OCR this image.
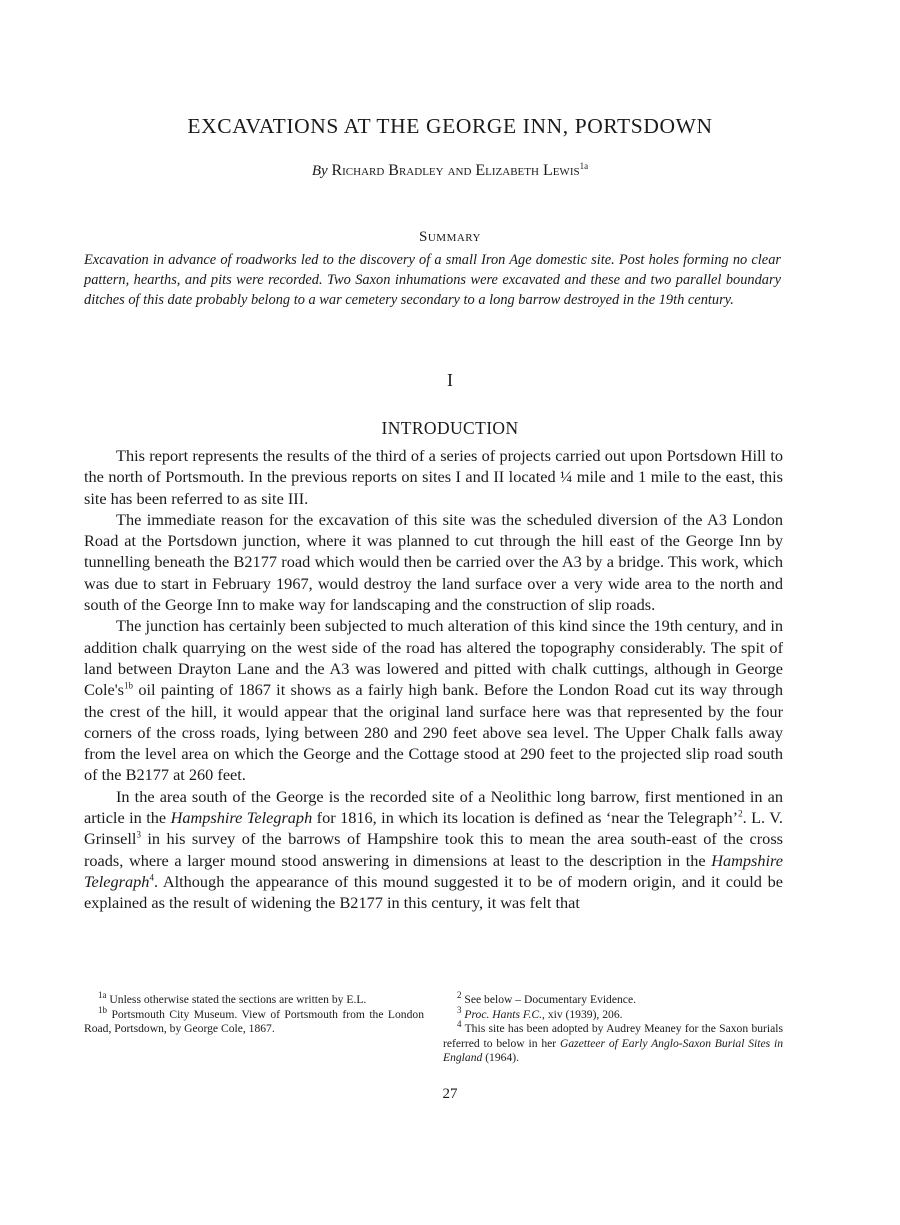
EXCAVATIONS AT THE GEORGE INN, PORTSDOWN

By Richard Bradley and Elizabeth Lewis$^{1a}$

Summary

Excavation in advance of roadworks led to the discovery of a small Iron Age domestic site. Post holes forming no clear pattern, hearths, and pits were recorded. Two Saxon inhumations were excavated and these and two parallel boundary ditches of this date probably belong to a war cemetery secondary to a long barrow destroyed in the 19th century.

I

INTRODUCTION

This report represents the results of the third of a series of projects carried out upon Portsdown Hill to the north of Portsmouth. In the previous reports on sites I and II located ¼ mile and 1 mile to the east, this site has been referred to as site III.

The immediate reason for the excavation of this site was the scheduled diversion of the A3 London Road at the Portsdown junction, where it was planned to cut through the hill east of the George Inn by tunnelling beneath the B2177 road which would then be carried over the A3 by a bridge. This work, which was due to start in February 1967, would destroy the land surface over a very wide area to the north and south of the George Inn to make way for landscaping and the construction of slip roads.

The junction has certainly been subjected to much alteration of this kind since the 19th century, and in addition chalk quarrying on the west side of the road has altered the topography considerably. The spit of land between Drayton Lane and the A3 was lowered and pitted with chalk cuttings, although in George $Cole's^{1b}$ oil painting of 1867 it shows as a fairly high bank. Before the London Road cut its way through the crest of the hill, it would appear that the original land surface here was that represented by the four corners of the cross roads, lying between 280 and 290 feet above sea level. The Upper Chalk falls away from the level area on which the George and the Cottage stood at 290 feet to the projected slip road south of the B2177 at 260 feet.

In the area south of the George is the recorded site of a Neolithic long barrow, first mentioned in an article in the Hampshire Telegraph for 1816, in which its location is defined as ‘near the Telegraph’$^2$. L. V. Grinsell$^3$ in his survey of the barrows of Hampshire took this to mean the area south-east of the cross roads, where a larger mound stood answering in dimensions at least to the description in the Hampshire Telegraph$^4$. Although the appearance of this mound suggested it to be of modern origin, and it could be explained as the result of widening the B2177 in this century, it was felt that

$^{1a}$ Unless otherwise stated the sections are written by E.L.

$^{1b}$ Portsmouth City Museum. View of Portsmouth from the London Road, Portsdown, by George Cole, 1867.

$^2$ See below – Documentary Evidence.

$^3$ Proc. Hants F.C., xiv (1939), 206.

$^4$ This site has been adopted by Audrey Meaney for the Saxon burials referred to below in her Gazetteer of Early Anglo-Saxon Burial Sites in England (1964).

27
